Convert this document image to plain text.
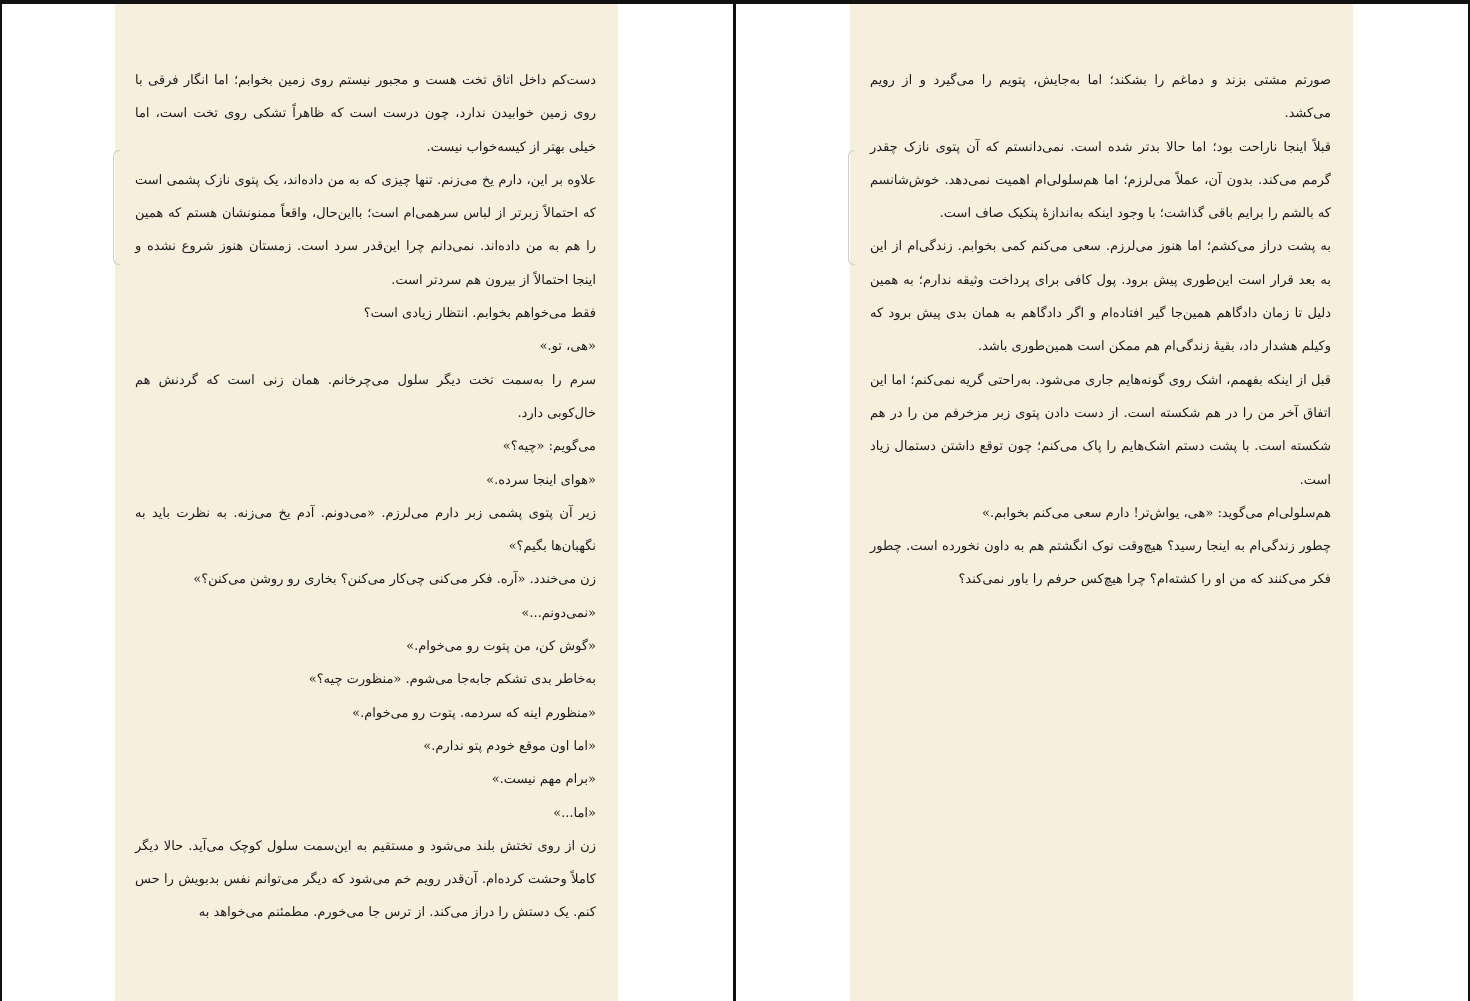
دست‌کم داخل اتاق تخت هست و مجبور نیستم روی زمین بخوابم؛ اما انگار فرقی با روی زمین خوابیدن ندارد، چون درست است که ظاهراً تشکی روی تخت است، اما خیلی بهتر از کیسه‌خواب نیست.

علاوه بر این، دارم یخ می‌زنم. تنها چیزی که به من داده‌اند، یک پتوی نازک پشمی است که احتمالاً زبرتر از لباس سرهمی‌ام است؛ بااین‌حال، واقعاً ممنونشان هستم که همین را هم به من داده‌اند. نمی‌دانم چرا این‌قدر سرد است. زمستان هنوز شروع نشده و اینجا احتمالاً از بیرون هم سردتر است.

فقط می‌خواهم بخوابم. انتظار زیادی است؟

«هی، تو.»

سرم را به‌سمت تخت دیگر سلول می‌چرخانم. همان زنی است که گردنش هم خال‌کوبی دارد.

می‌گویم: «چیه؟»

«هوای اینجا سرده.»

زیر آن پتوی پشمی زبر دارم می‌لرزم. «می‌دونم. آدم یخ می‌زنه. به نظرت باید به نگهبان‌ها بگیم؟»

زن می‌خندد. «آره. فکر می‌کنی چی‌کار می‌کنن؟ بخاری رو روشن می‌کنن؟»

«نمی‌دونم...»

«گوش کن، من پتوت رو می‌خوام.»

به‌خاطر بدی تشکم جابه‌جا می‌شوم. «منظورت چیه؟»

«منظورم اینه که سردمه. پتوت رو می‌خوام.»

«اما اون موقع خودم پتو ندارم.»

«برام مهم نیست.»

«اما...»

زن از روی تختش بلند می‌شود و مستقیم به این‌سمت سلول کوچک می‌آید. حالا دیگر کاملاً وحشت کرده‌ام. آن‌قدر رویم خم می‌شود که دیگر می‌توانم نفس بدبویش را حس کنم. یک دستش را دراز می‌کند. از ترس جا می‌خورم. مطمئنم می‌خواهد به

صورتم مشتی بزند و دماغم را بشکند؛ اما به‌جایش، پتویم را می‌گیرد و از رویم می‌کشد.

قبلاً اینجا ناراحت بود؛ اما حالا بدتر شده است. نمی‌دانستم که آن پتوی نازک چقدر گرمم می‌کند. بدون آن، عملاً می‌لرزم؛ اما هم‌سلولی‌ام اهمیت نمی‌دهد. خوش‌شانسم که بالشم را برایم باقی گذاشت؛ با وجود اینکه به‌اندازهٔ پنکیک صاف است.

به پشت دراز می‌کشم؛ اما هنوز می‌لرزم. سعی می‌کنم کمی بخوابم. زندگی‌ام از این به بعد قرار است این‌طوری پیش برود. پول کافی برای پرداخت وثیقه ندارم؛ به همین دلیل تا زمان دادگاهم همین‌جا گیر افتاده‌ام و اگر دادگاهم به همان بدی پیش برود که وکیلم هشدار داد، بقیهٔ زندگی‌ام هم ممکن است همین‌طوری باشد.

قبل از اینکه بفهمم، اشک روی گونه‌هایم جاری می‌شود. به‌راحتی گریه نمی‌کنم؛ اما این اتفاق آخر من را در هم شکسته است. از دست دادن پتوی زبر مزخرفم من را در هم شکسته است. با پشت دستم اشک‌هایم را پاک می‌کنم؛ چون توقع داشتن دستمال زیاد است.

هم‌سلولی‌ام می‌گوید: «هی، یواش‌تر! دارم سعی می‌کنم بخوابم.»

چطور زندگی‌ام به اینجا رسید؟ هیچ‌وقت نوک انگشتم هم به داون نخورده است. چطور فکر می‌کنند که من او را کشته‌ام؟ چرا هیچ‌کس حرفم را باور نمی‌کند؟
